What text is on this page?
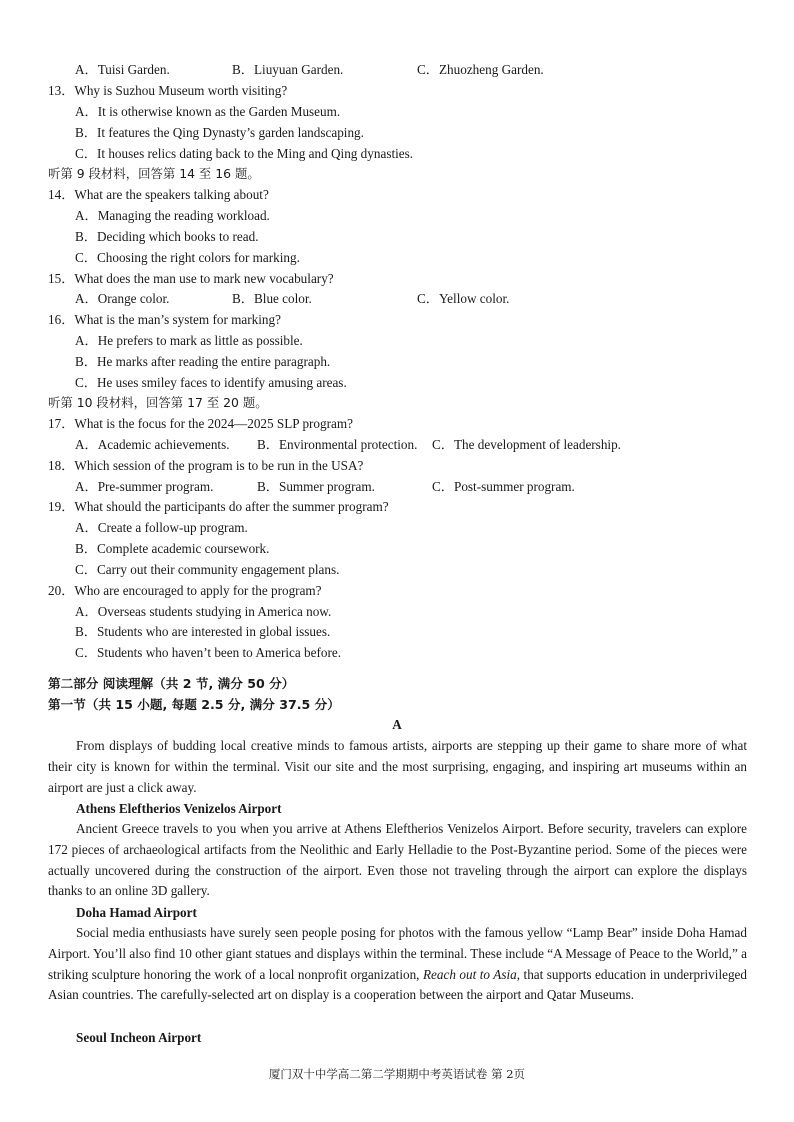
A．Tuisi Garden.	B．Liuyuan Garden.	C．Zhuozheng Garden.
13．Why is Suzhou Museum worth visiting?
A．It is otherwise known as the Garden Museum.
B．It features the Qing Dynasty’s garden landscaping.
C．It houses relics dating back to the Ming and Qing dynasties.
听第 9 段材料，回答第 14 至 16 题。
14．What are the speakers talking about?
A．Managing the reading workload.
B．Deciding which books to read.
C．Choosing the right colors for marking.
15．What does the man use to mark new vocabulary?
A．Orange color.	B．Blue color.	C．Yellow color.
16．What is the man’s system for marking?
A．He prefers to mark as little as possible.
B．He marks after reading the entire paragraph.
C．He uses smiley faces to identify amusing areas.
听第 10 段材料，回答第 17 至 20 题。
17．What is the focus for the 2024—2025 SLP program?
A．Academic achievements. B．Environmental protection. C．The development of leadership.
18．Which session of the program is to be run in the USA?
A．Pre-summer program.	B．Summer program.	C．Post-summer program.
19．What should the participants do after the summer program?
A．Create a follow-up program.
B．Complete academic coursework.
C．Carry out their community engagement plans.
20．Who are encouraged to apply for the program?
A．Overseas students studying in America now.
B．Students who are interested in global issues.
C．Students who haven’t been to America before.
第二部分 阅读理解（共 2 节, 满分 50 分）
第一节（共 15 小题, 每题 2.5 分, 满分 37.5 分）
A
From displays of budding local creative minds to famous artists, airports are stepping up their game to share more of what their city is known for within the terminal. Visit our site and the most surprising, engaging, and inspiring art museums within an airport are just a click away.
Athens Eleftherios Venizelos Airport
Ancient Greece travels to you when you arrive at Athens Eleftherios Venizelos Airport. Before security, travelers can explore 172 pieces of archaeological artifacts from the Neolithic and Early Helladie to the Post-Byzantine period. Some of the pieces were actually uncovered during the construction of the airport. Even those not traveling through the airport can explore the displays thanks to an online 3D gallery.
Doha Hamad Airport
Social media enthusiasts have surely seen people posing for photos with the famous yellow “Lamp Bear” inside Doha Hamad Airport. You’ll also find 10 other giant statues and displays within the terminal. These include “A Message of Peace to the World,” a striking sculpture honoring the work of a local nonprofit organization, Reach out to Asia, that supports education in underprivileged Asian countries. The carefully-selected art on display is a cooperation between the airport and Qatar Museums.
Seoul Incheon Airport
厦门双十中学高二第二学期期中考英语试卷 第 2页
